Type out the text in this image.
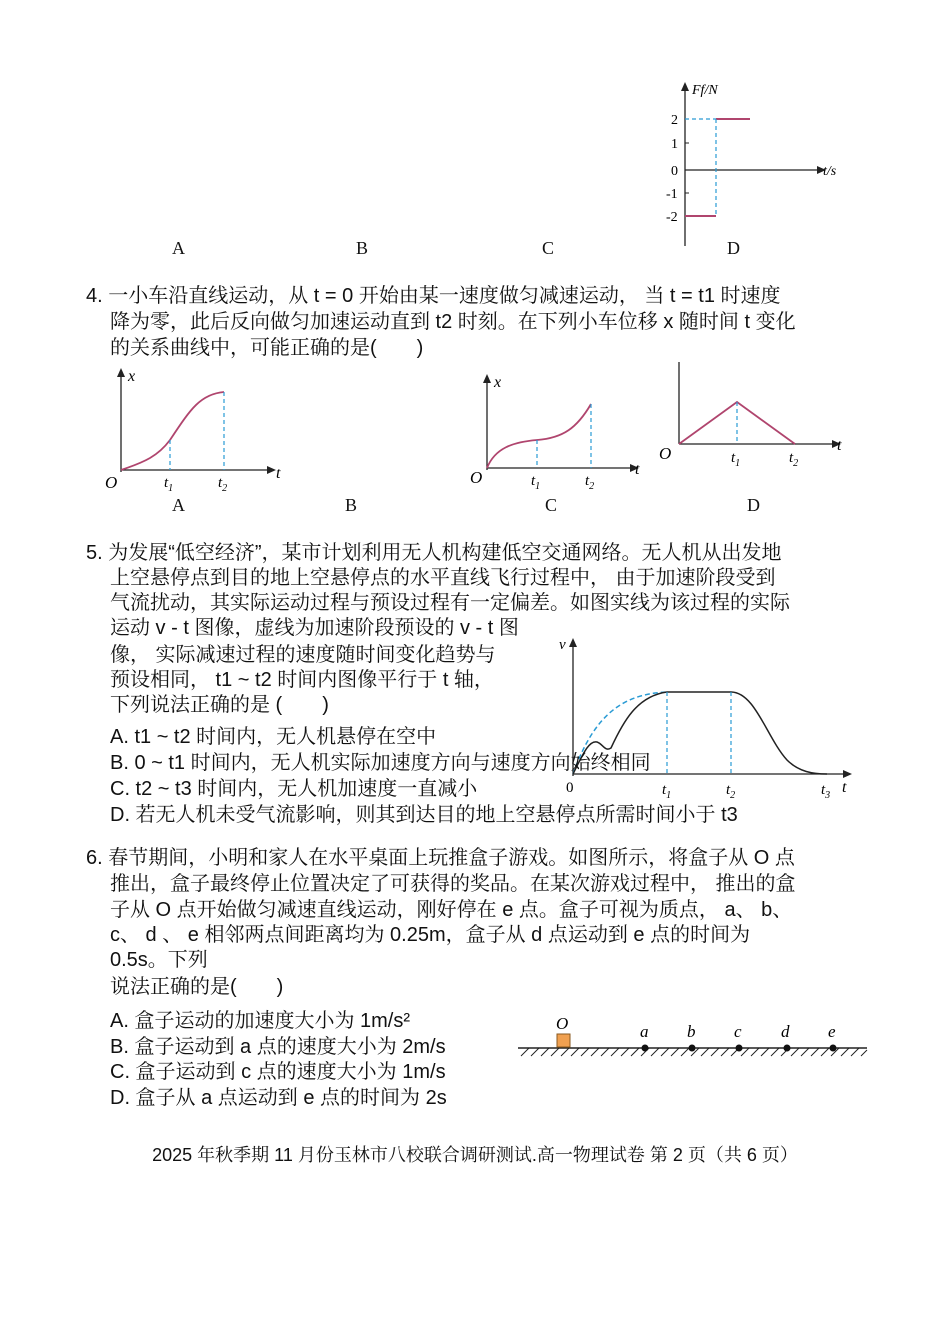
A	B	C	D
Ff/N
t/s
2
1
0
-1
-2
4. 一小车沿直线运动，从 t = 0 开始由某一速度做匀减速运动， 当 t = t1 时速度
降为零，此后反向做匀加速运动直到 t2 时刻。在下列小车位移 x 随时间 t 变化
的关系曲线中，可能正确的是(　　)
x
t
O	$t_1$	$t_2$
A	B
x
t
O	$t_1$	$t_2$
C
t
O	$t_1$	$t_2$
D
5. 为发展“低空经济”，某市计划利用无人机构建低空交通网络。无人机从出发地
上空悬停点到目的地上空悬停点的水平直线飞行过程中， 由于加速阶段受到
气流扰动，其实际运动过程与预设过程有一定偏差。如图实线为该过程的实际
运动 v - t 图像，虚线为加速阶段预设的 v - t 图
像， 实际减速过程的速度随时间变化趋势与
预设相同， t1 ~ t2 时间内图像平行于 t 轴，
下列说法正确的是 (　　)
v
t
0	$t_1$	$t_2$	$t_3$
A. t1 ~ t2 时间内，无人机悬停在空中
B. 0 ~ t1 时间内，无人机实际加速度方向与速度方向始终相同
C. t2 ~ t3 时间内，无人机加速度一直减小
D. 若无人机未受气流影响，则其到达目的地上空悬停点所需时间小于 t3
6. 春节期间，小明和家人在水平桌面上玩推盒子游戏。如图所示，将盒子从 O 点
推出，盒子最终停止位置决定了可获得的奖品。在某次游戏过程中， 推出的盒
子从 O 点开始做匀减速直线运动，刚好停在 e 点。盒子可视为质点， a、 b、
c、 d 、 e 相邻两点间距离均为 0.25m，盒子从 d 点运动到 e 点的时间为
0.5s。下列
说法正确的是(　　)
A. 盒子运动的加速度大小为 1m/s²
B. 盒子运动到 a 点的速度大小为 2m/s
C. 盒子运动到 c 点的速度大小为 1m/s
D. 盒子从 a 点运动到 e 点的时间为 2s
O	a b c d e
2025 年秋季期 11 月份玉林市八校联合调研测试.高一物理试卷 第 2 页（共 6 页）
